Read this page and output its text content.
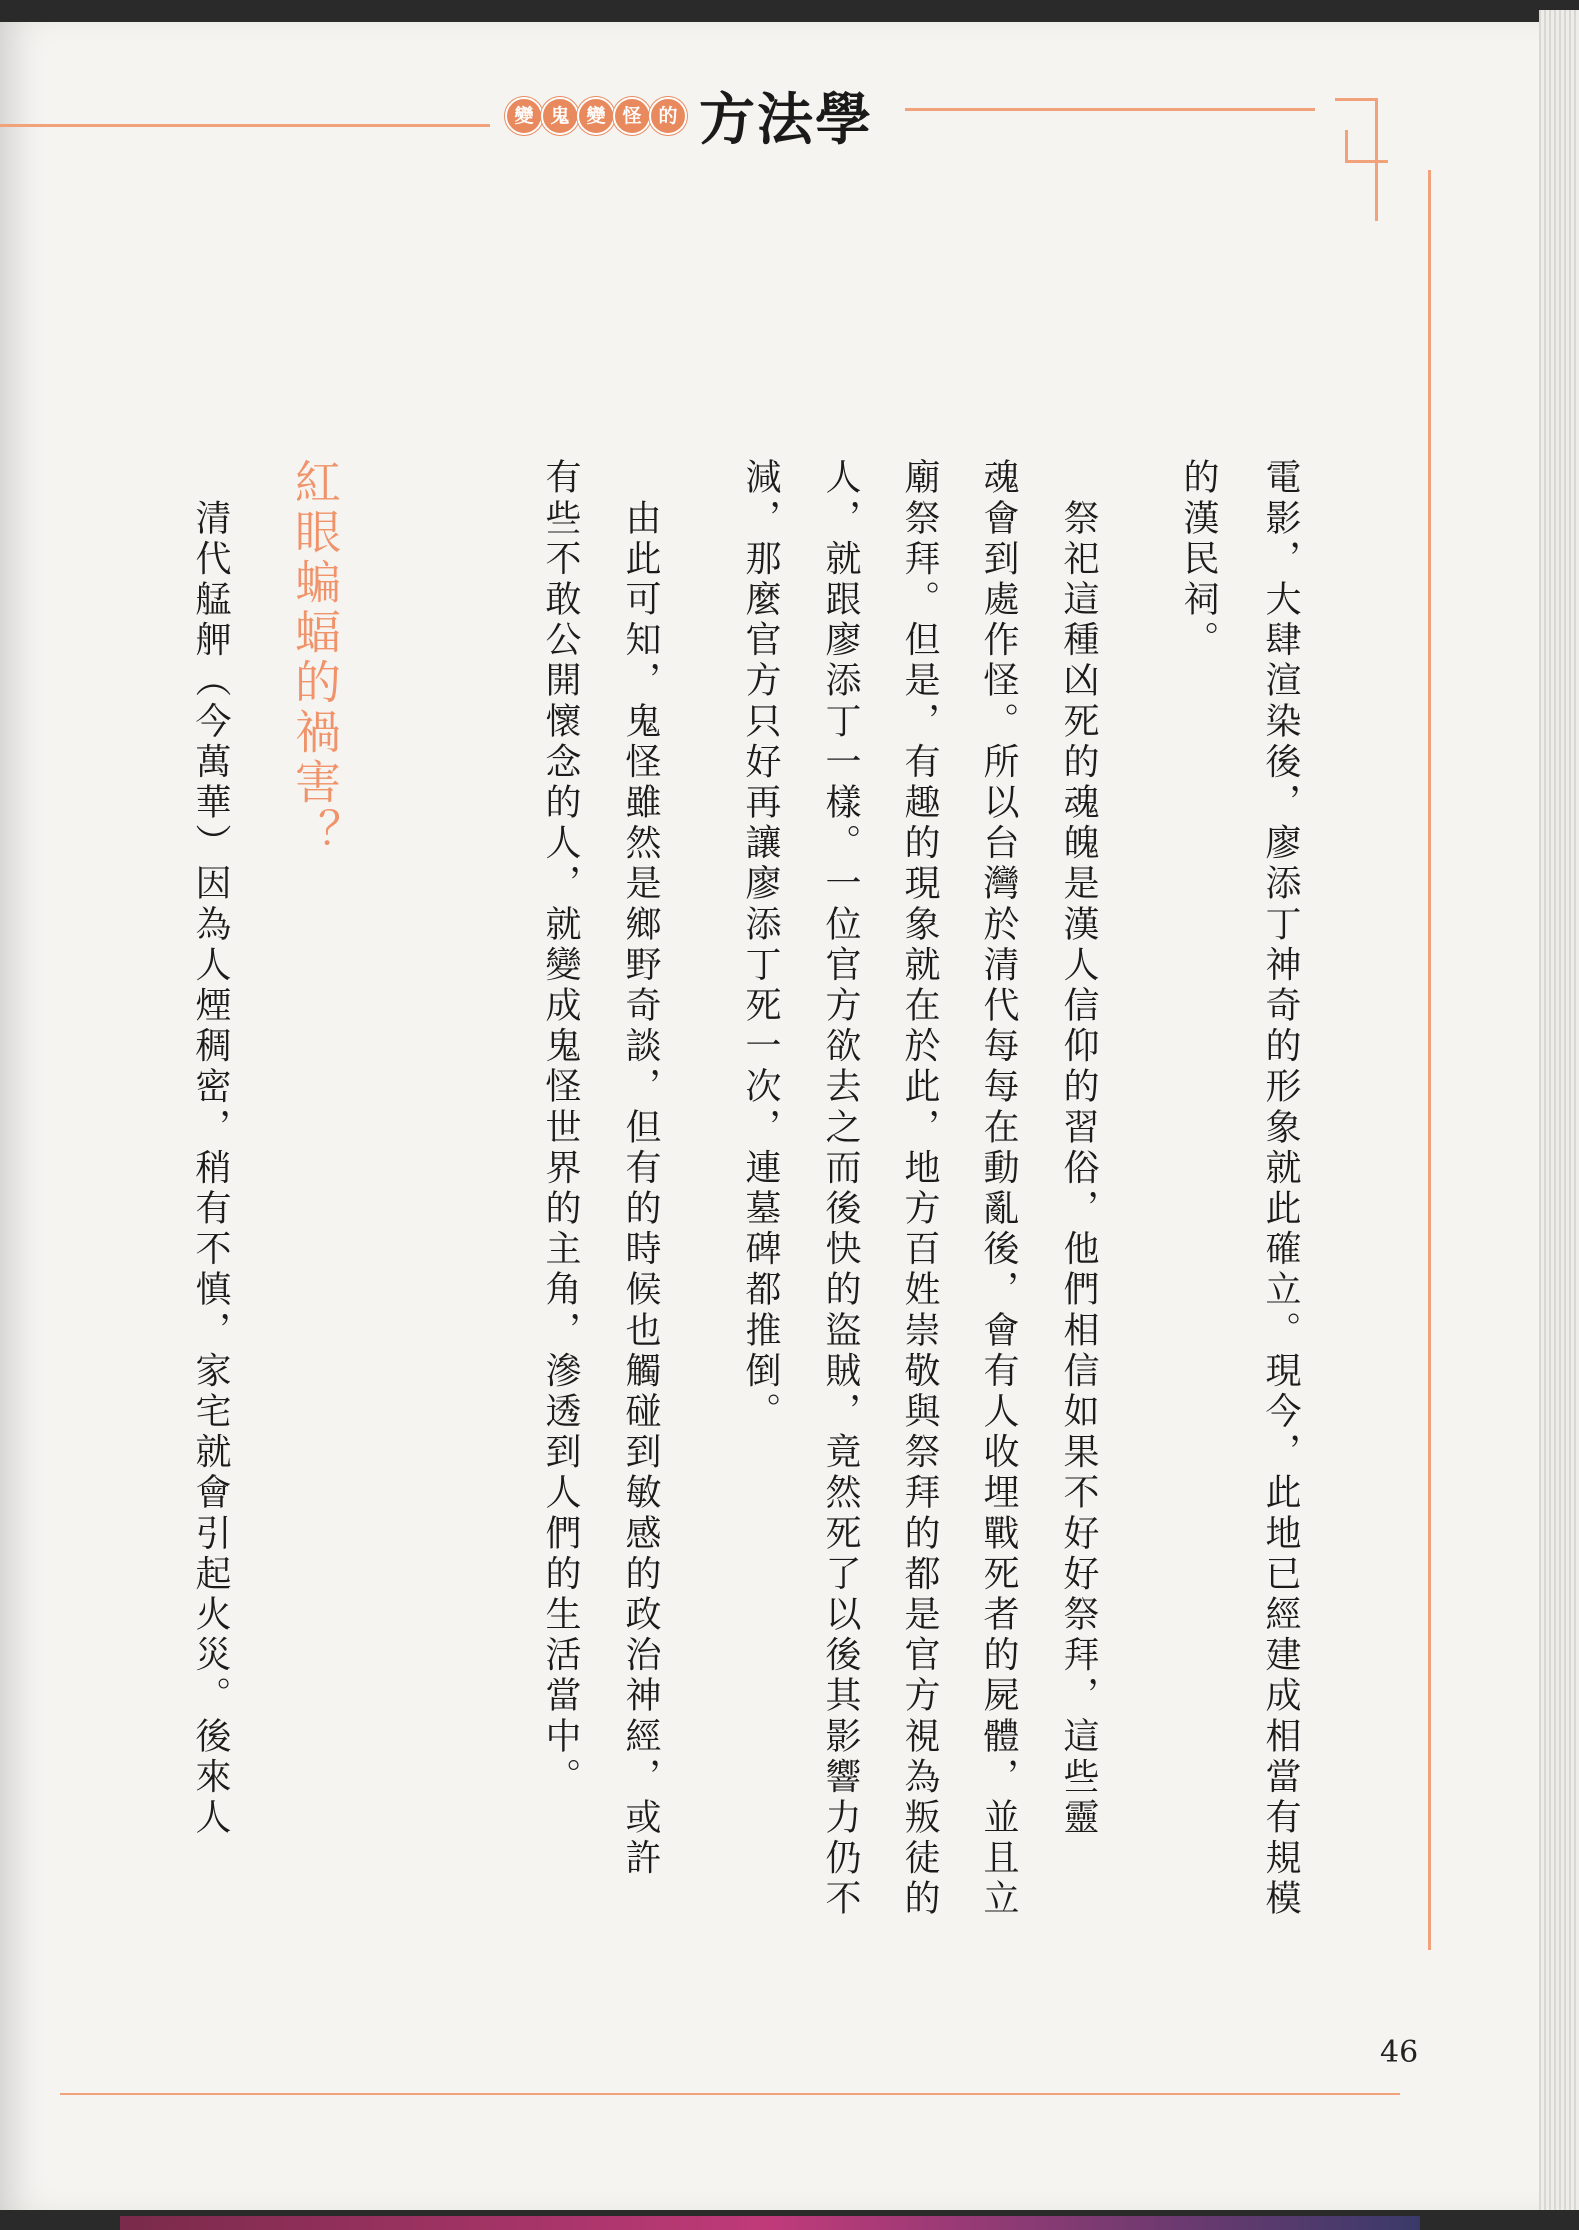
變 鬼 變 怪 的 方法學
電影，大肆渲染後，廖添丁神奇的形象就此確立。現今，此地已經建成相當有規模
的漢民祠。
　祭祀這種凶死的魂魄是漢人信仰的習俗，他們相信如果不好好祭拜，這些靈
魂會到處作怪。所以台灣於清代每每在動亂後，會有人收埋戰死者的屍體，並且立
廟祭拜。但是，有趣的現象就在於此，地方百姓崇敬與祭拜的都是官方視為叛徒的
人，就跟廖添丁一樣。一位官方欲去之而後快的盜賊，竟然死了以後其影響力仍不
減，那麼官方只好再讓廖添丁死一次，連墓碑都推倒。
　由此可知，鬼怪雖然是鄉野奇談，但有的時候也觸碰到敏感的政治神經，或許
有些不敢公開懷念的人，就變成鬼怪世界的主角，滲透到人們的生活當中。
紅眼蝙蝠的禍害？
　清代艋舺（今萬華）因為人煙稠密，稍有不慎，家宅就會引起火災。後來人
46
